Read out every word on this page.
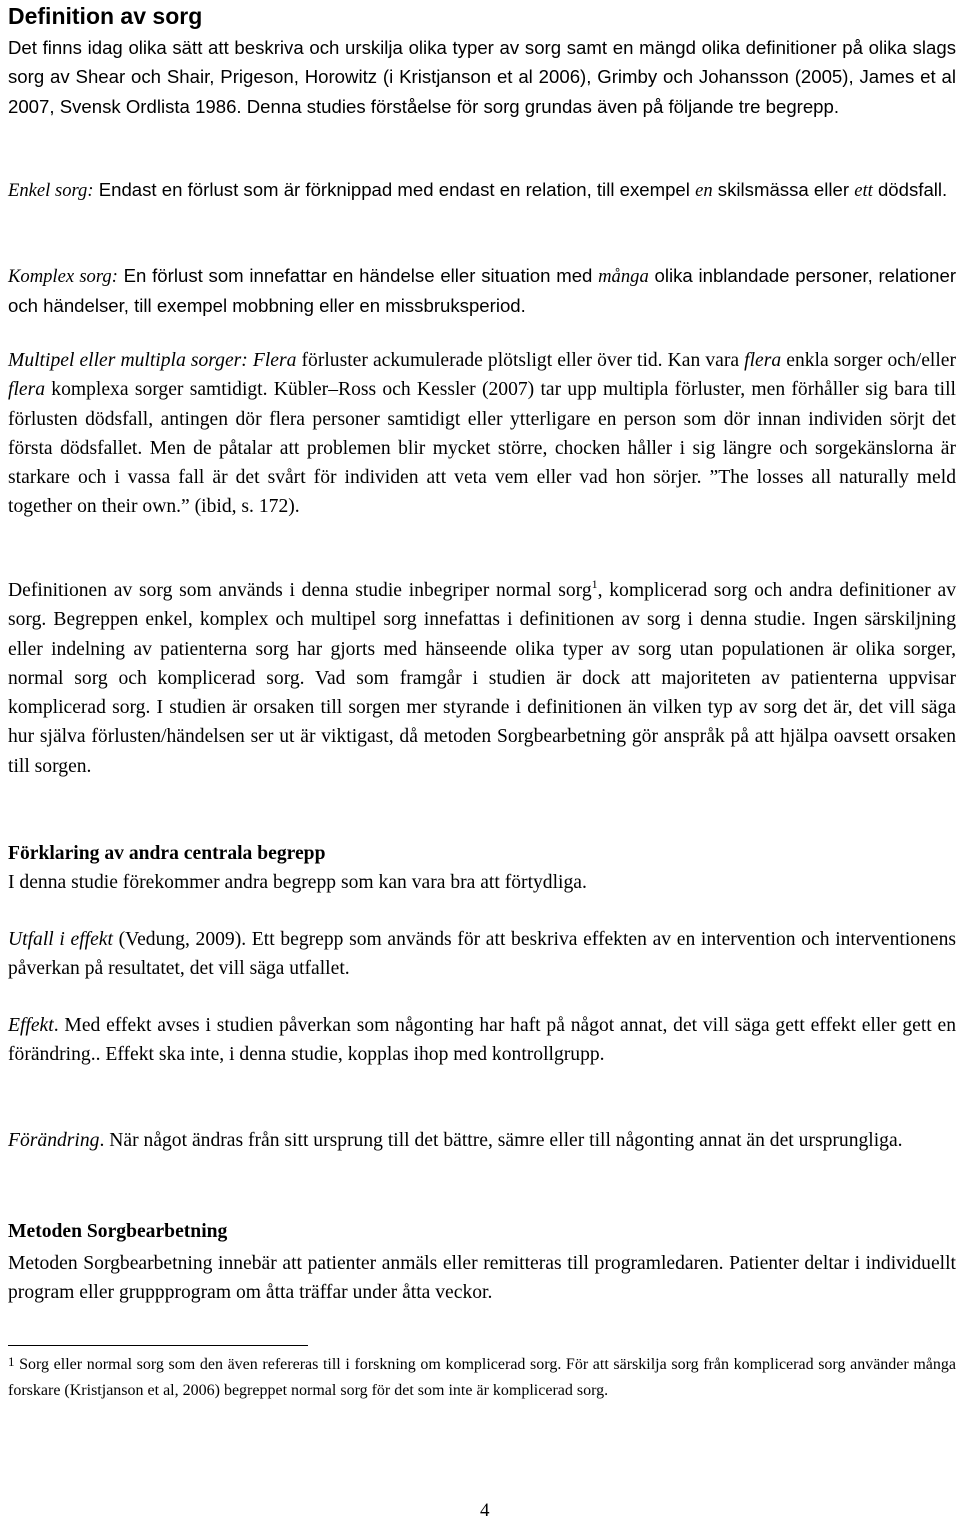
Definition av sorg

Det finns idag olika sätt att beskriva och urskilja olika typer av sorg samt en mängd olika definitioner på olika slags sorg av Shear och Shair, Prigeson, Horowitz (i Kristjanson et al 2006), Grimby och Johansson (2005), James et al 2007, Svensk Ordlista 1986. Denna studies förståelse för sorg grundas även på följande tre begrepp.

Enkel sorg: Endast en förlust som är förknippad med endast en relation, till exempel en skilsmässa eller ett dödsfall.

Komplex sorg: En förlust som innefattar en händelse eller situation med många olika inblandade personer, relationer och händelser, till exempel mobbning eller en missbruksperiod.

Multipel eller multipla sorger: Flera förluster ackumulerade plötsligt eller över tid. Kan vara flera enkla sorger och/eller flera komplexa sorger samtidigt. Kübler–Ross och Kessler (2007) tar upp multipla förluster, men förhåller sig bara till förlusten dödsfall, antingen dör flera personer samtidigt eller ytterligare en person som dör innan individen sörjt det första dödsfallet. Men de påtalar att problemen blir mycket större, chocken håller i sig längre och sorgekänslorna är starkare och i vassa fall är det svårt för individen att veta vem eller vad hon sörjer. ”The losses all naturally meld together on their own.” (ibid, s. 172).

Definitionen av sorg som används i denna studie inbegriper normal sorg$^1$, komplicerad sorg och andra definitioner av sorg. Begreppen enkel, komplex och multipel sorg innefattas i definitionen av sorg i denna studie. Ingen särskiljning eller indelning av patienterna sorg har gjorts med hänseende olika typer av sorg utan populationen är olika sorger, normal sorg och komplicerad sorg. Vad som framgår i studien är dock att majoriteten av patienterna uppvisar komplicerad sorg. I studien är orsaken till sorgen mer styrande i definitionen än vilken typ av sorg det är, det vill säga hur själva förlusten/händelsen ser ut är viktigast, då metoden Sorgbearbetning gör anspråk på att hjälpa oavsett orsaken till sorgen.

Förklaring av andra centrala begrepp

I denna studie förekommer andra begrepp som kan vara bra att förtydliga.

Utfall i effekt (Vedung, 2009). Ett begrepp som används för att beskriva effekten av en intervention och interventionens påverkan på resultatet, det vill säga utfallet.

Effekt. Med effekt avses i studien påverkan som någonting har haft på något annat, det vill säga gett effekt eller gett en förändring.. Effekt ska inte, i denna studie, kopplas ihop med kontrollgrupp.

Förändring. När något ändras från sitt ursprung till det bättre, sämre eller till någonting annat än det ursprungliga.

Metoden Sorgbearbetning

Metoden Sorgbearbetning innebär att patienter anmäls eller remitteras till programledaren. Patienter deltar i individuellt program eller gruppprogram om åtta träffar under åtta veckor.

$^1$ Sorg eller normal sorg som den även refereras till i forskning om komplicerad sorg. För att särskilja sorg från komplicerad sorg använder många forskare (Kristjanson et al, 2006) begreppet normal sorg för det som inte är komplicerad sorg.

4
